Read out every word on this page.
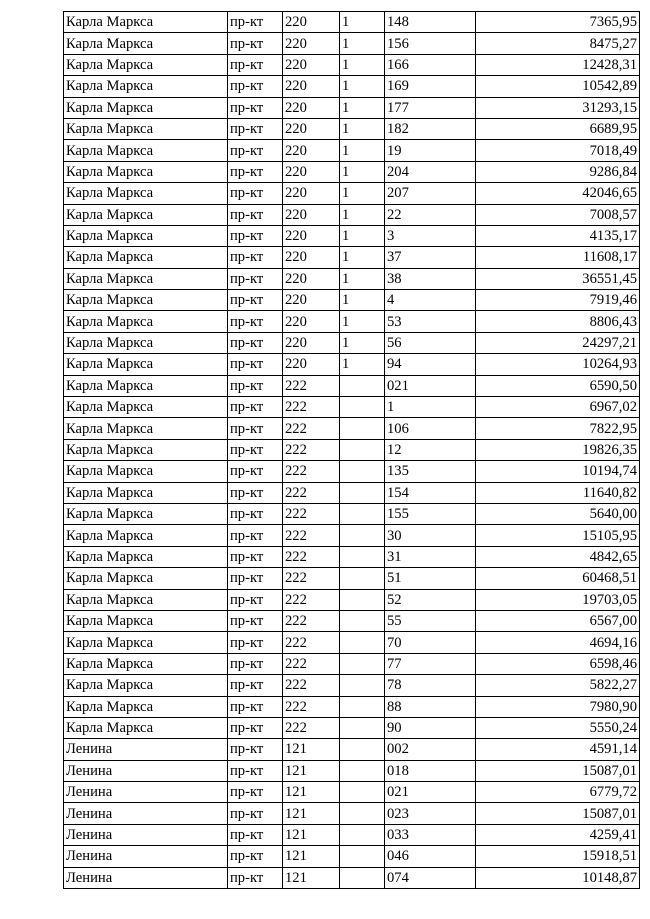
Карла Маркса	пр-кт	220	1	148	7365,95
Карла Маркса	пр-кт	220	1	156	8475,27
Карла Маркса	пр-кт	220	1	166	12428,31
Карла Маркса	пр-кт	220	1	169	10542,89
Карла Маркса	пр-кт	220	1	177	31293,15
Карла Маркса	пр-кт	220	1	182	6689,95
Карла Маркса	пр-кт	220	1	19	7018,49
Карла Маркса	пр-кт	220	1	204	9286,84
Карла Маркса	пр-кт	220	1	207	42046,65
Карла Маркса	пр-кт	220	1	22	7008,57
Карла Маркса	пр-кт	220	1	3	4135,17
Карла Маркса	пр-кт	220	1	37	11608,17
Карла Маркса	пр-кт	220	1	38	36551,45
Карла Маркса	пр-кт	220	1	4	7919,46
Карла Маркса	пр-кт	220	1	53	8806,43
Карла Маркса	пр-кт	220	1	56	24297,21
Карла Маркса	пр-кт	220	1	94	10264,93
Карла Маркса	пр-кт	222		021	6590,50
Карла Маркса	пр-кт	222		1	6967,02
Карла Маркса	пр-кт	222		106	7822,95
Карла Маркса	пр-кт	222		12	19826,35
Карла Маркса	пр-кт	222		135	10194,74
Карла Маркса	пр-кт	222		154	11640,82
Карла Маркса	пр-кт	222		155	5640,00
Карла Маркса	пр-кт	222		30	15105,95
Карла Маркса	пр-кт	222		31	4842,65
Карла Маркса	пр-кт	222		51	60468,51
Карла Маркса	пр-кт	222		52	19703,05
Карла Маркса	пр-кт	222		55	6567,00
Карла Маркса	пр-кт	222		70	4694,16
Карла Маркса	пр-кт	222		77	6598,46
Карла Маркса	пр-кт	222		78	5822,27
Карла Маркса	пр-кт	222		88	7980,90
Карла Маркса	пр-кт	222		90	5550,24
Ленина	пр-кт	121		002	4591,14
Ленина	пр-кт	121		018	15087,01
Ленина	пр-кт	121		021	6779,72
Ленина	пр-кт	121		023	15087,01
Ленина	пр-кт	121		033	4259,41
Ленина	пр-кт	121		046	15918,51
Ленина	пр-кт	121		074	10148,87
